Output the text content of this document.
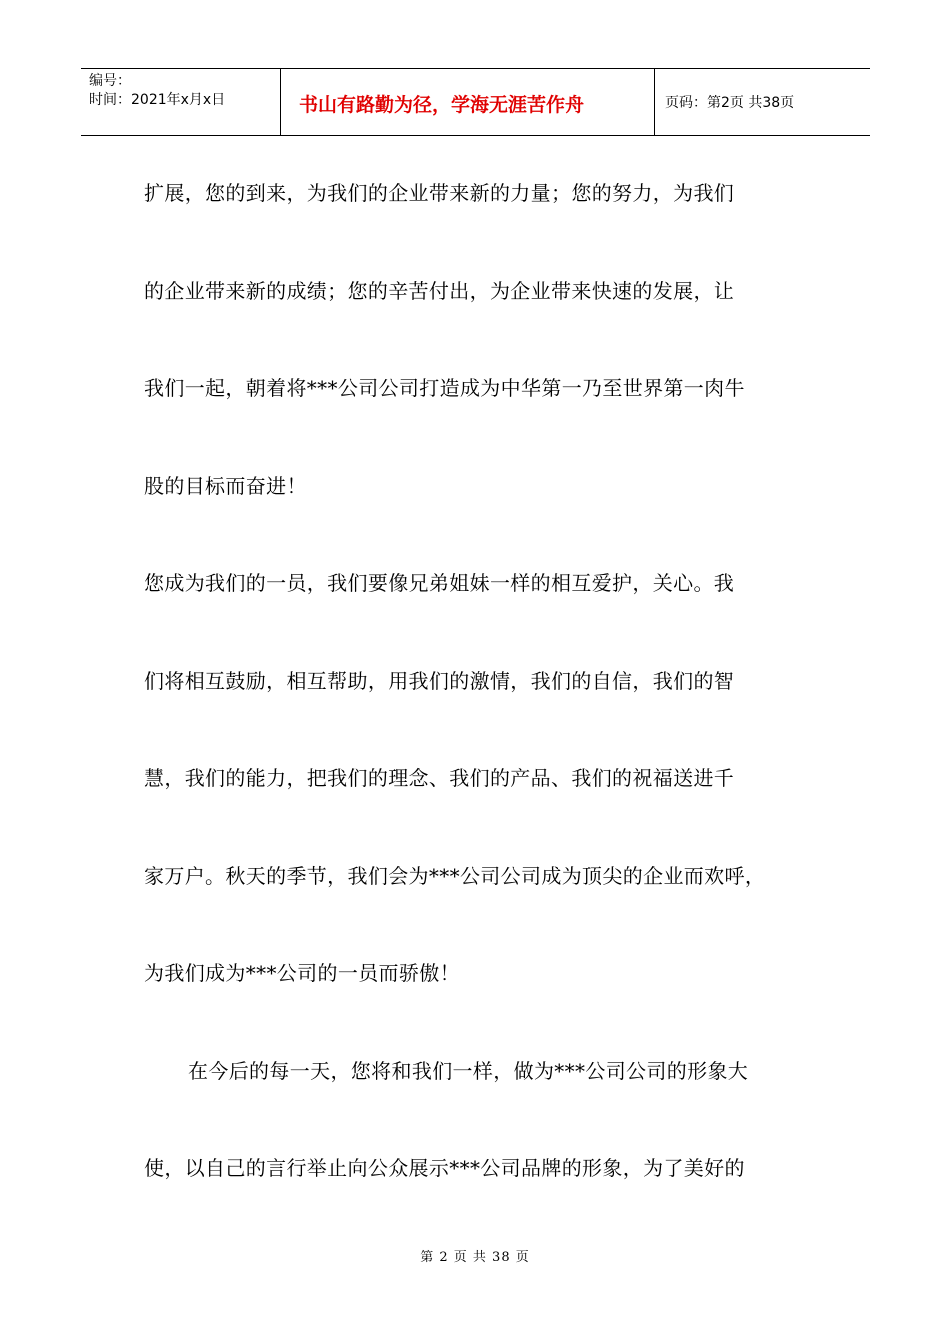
编号：
时间：2021年x月x日	书山有路勤为径，学海无涯苦作舟	页码：第2页 共38页
扩展，您的到来，为我们的企业带来新的力量；您的努力，为我们
的企业带来新的成绩；您的辛苦付出，为企业带来快速的发展，让
我们一起，朝着将***公司公司打造成为中华第一乃至世界第一肉牛
股的目标而奋进！
您成为我们的一员，我们要像兄弟姐妹一样的相互爱护，关心。我
们将相互鼓励，相互帮助，用我们的激情，我们的自信，我们的智
慧，我们的能力，把我们的理念、我们的产品、我们的祝福送进千
家万户。秋天的季节，我们会为***公司公司成为顶尖的企业而欢呼，
为我们成为***公司的一员而骄傲！
在今后的每一天，您将和我们一样，做为***公司公司的形象大
使，以自己的言行举止向公众展示***公司品牌的形象，为了美好的
第 2 页 共 38 页
